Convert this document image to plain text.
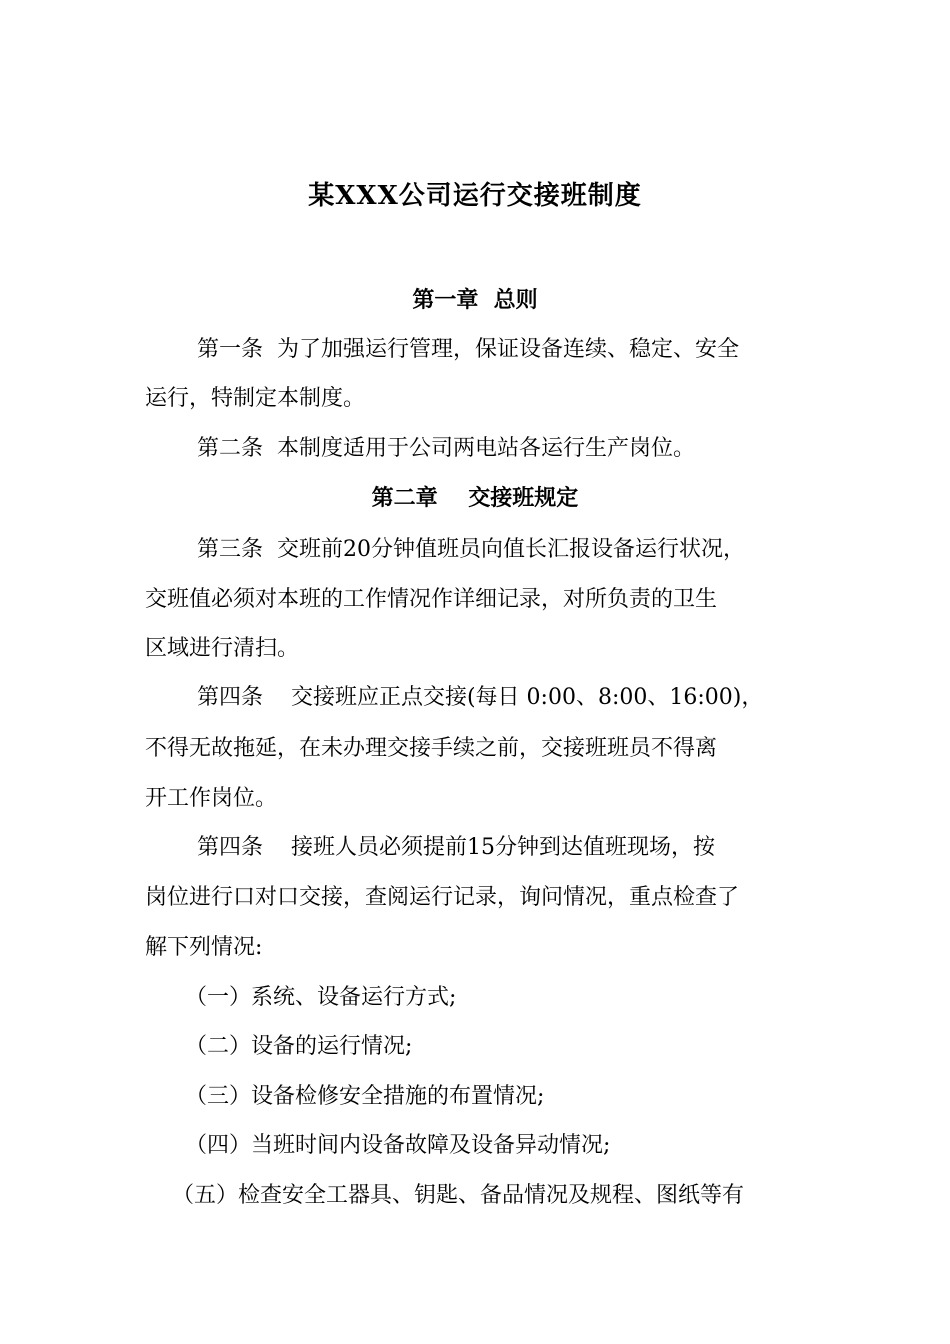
某XXX公司运行交接班制度
第一章  总则
第一条  为了加强运行管理，保证设备连续、稳定、安全
运行，特制定本制度。
第二条  本制度适用于公司两电站各运行生产岗位。
第二章    交接班规定
第三条  交班前20分钟值班员向值长汇报设备运行状况，
交班值必须对本班的工作情况作详细记录，对所负责的卫生
区域进行清扫。
第四条    交接班应正点交接(每日 0:00、8:00、16:00)，
不得无故拖延，在未办理交接手续之前，交接班班员不得离
开工作岗位。
第四条    接班人员必须提前15分钟到达值班现场，按
岗位进行口对口交接，查阅运行记录，询问情况，重点检查了
解下列情况:
（一）系统、设备运行方式;
（二）设备的运行情况;
（三）设备检修安全措施的布置情况;
（四）当班时间内设备故障及设备异动情况;
（五）检查安全工器具、钥匙、备品情况及规程、图纸等有
